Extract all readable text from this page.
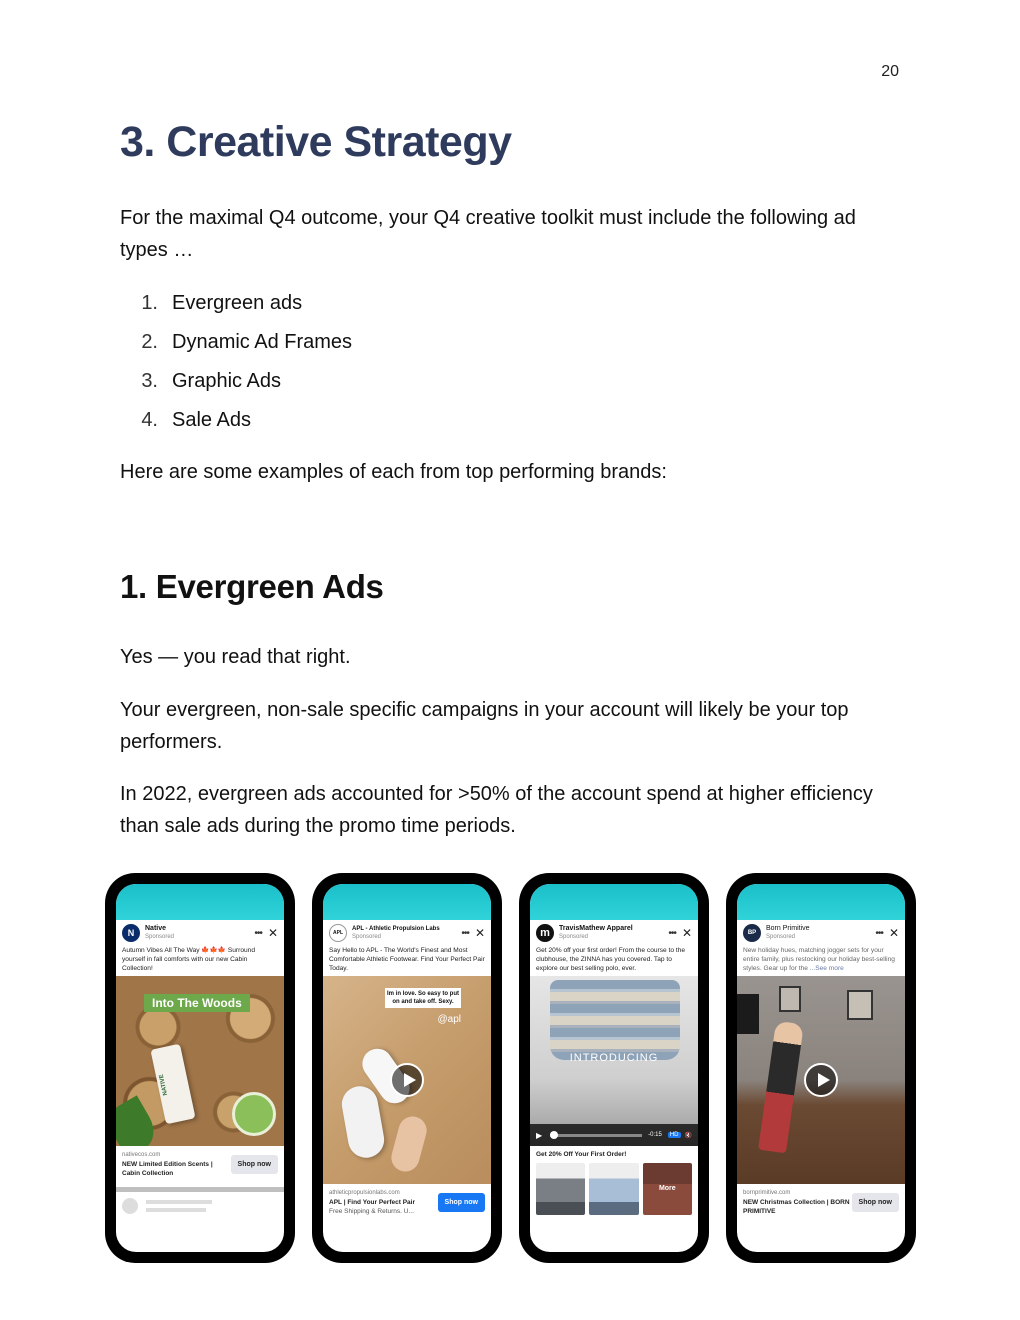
20
3. Creative Strategy

For the maximal Q4 outcome, your Q4 creative toolkit must include the following ad types …

1. Evergreen ads
2. Dynamic Ad Frames
3. Graphic Ads
4. Sale Ads

Here are some examples of each from top performing brands:

1. Evergreen Ads

Yes — you read that right.

Your evergreen, non-sale specific campaigns in your account will likely be your top performers.

In 2022, evergreen ads accounted for >50% of the account spend at higher efficiency than sale ads during the promo time periods.

N	Native
Sponsored	••• ✕
Autumn Vibes All The Way 🍁🍁🍁 Surround yourself in fall comforts with our new Cabin Collection!
Into The Woods
NATIVE
nativecos.com
NEW Limited Edition Scents | Cabin Collection
Shop now
APL
APL - Athletic Propulsion Labs
Sponsored	••• ✕
Say Hello to APL - The World's Finest and Most Comfortable Athletic Footwear. Find Your Perfect Pair Today.
Im in love. So easy to put on and take off. Sexy.
@apl
athleticpropulsionlabs.com
APL | Find Your Perfect Pair
Free Shipping & Returns. U...
Shop now
m	TravisMathew Apparel
Sponsored	••• ✕
Get 20% off your first order! From the course to the clubhouse, the ZINNA has you covered. Tap to explore our best selling polo, ever.
INTRODUCING
▶	-0:15	HD	🔇
Get 20% Off Your First Order!
More
BP
Born Primitive
Sponsored	••• ✕
New holiday hues, matching jogger sets for your entire family, plus restocking our holiday best-selling styles. Gear up for the ...See more
bornprimitive.com
NEW Christmas Collection | BORN PRIMITIVE
Shop now
